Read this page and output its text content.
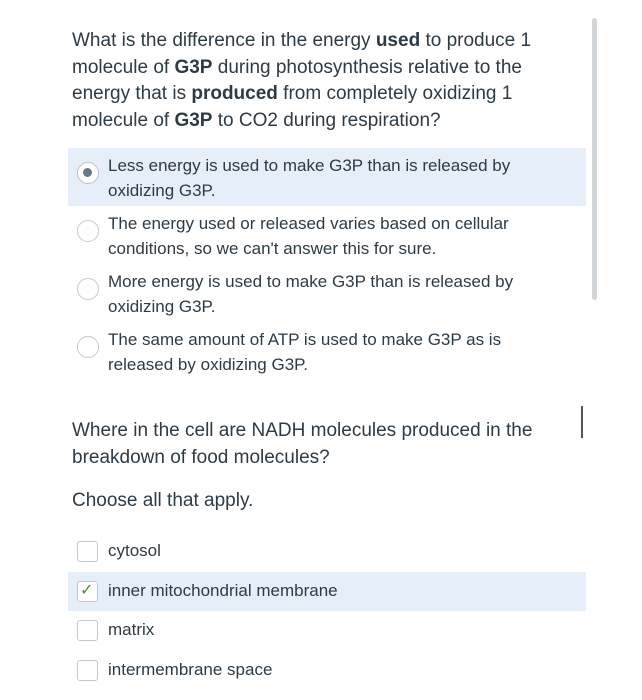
What is the difference in the energy used to produce 1 molecule of G3P during photosynthesis relative to the energy that is produced from completely oxidizing 1 molecule of G3P to CO2 during respiration?
Less energy is used to make G3P than is released by oxidizing G3P.
The energy used or released varies based on cellular conditions, so we can't answer this for sure.
More energy is used to make G3P than is released by oxidizing G3P.
The same amount of ATP is used to make G3P as is released by oxidizing G3P.
Where in the cell are NADH molecules produced in the breakdown of food molecules?
Choose all that apply.
cytosol
✓ inner mitochondrial membrane
matrix
intermembrane space
